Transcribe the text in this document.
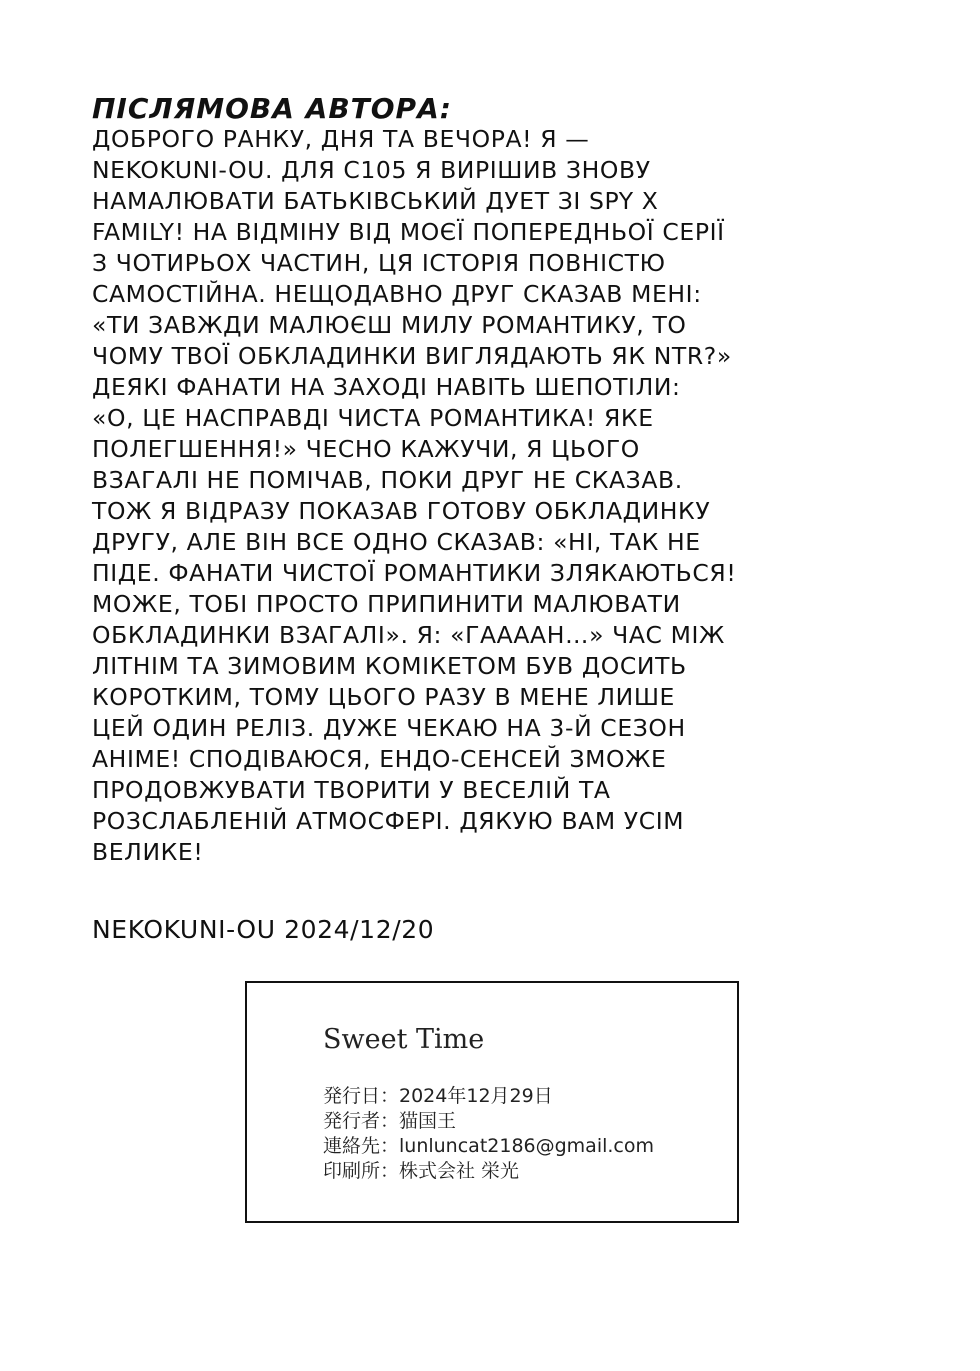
ПІСЛЯМОВА АВТОРА:

ДОБРОГО РАНКУ, ДНЯ ТА ВЕЧОРА! Я —

NEKOKUNI-OU. ДЛЯ C105 Я ВИРІШИВ ЗНОВУ

НАМАЛЮВАТИ БАТЬКІВСЬКИЙ ДУЕТ ЗІ SPY X

FAMILY! НА ВІДМІНУ ВІД МОЄЇ ПОПЕРЕДНЬОЇ СЕРІЇ

З ЧОТИРЬОХ ЧАСТИН, ЦЯ ІСТОРІЯ ПОВНІСТЮ

САМОСТІЙНА. НЕЩОДАВНО ДРУГ СКАЗАВ МЕНІ:

«ТИ ЗАВЖДИ МАЛЮЄШ МИЛУ РОМАНТИКУ, ТО

ЧОМУ ТВОЇ ОБКЛАДИНКИ ВИГЛЯДАЮТЬ ЯК NTR?»

ДЕЯКІ ФАНАТИ НА ЗАХОДІ НАВІТЬ ШЕПОТІЛИ:

«О, ЦЕ НАСПРАВДІ ЧИСТА РОМАНТИКА! ЯКЕ

ПОЛЕГШЕННЯ!» ЧЕСНО КАЖУЧИ, Я ЦЬОГО

ВЗАГАЛІ НЕ ПОМІЧАВ, ПОКИ ДРУГ НЕ СКАЗАВ.

ТОЖ Я ВІДРАЗУ ПОКАЗАВ ГОТОВУ ОБКЛАДИНКУ

ДРУГУ, АЛЕ ВІН ВСЕ ОДНО СКАЗАВ: «НІ, ТАК НЕ

ПІДЕ. ФАНАТИ ЧИСТОЇ РОМАНТИКИ ЗЛЯКАЮТЬСЯ!

МОЖЕ, ТОБІ ПРОСТО ПРИПИНИТИ МАЛЮВАТИ

ОБКЛАДИНКИ ВЗАГАЛІ». Я: «ГААААН…» ЧАС МІЖ

ЛІТНІМ ТА ЗИМОВИМ КОМІКЕТОМ БУВ ДОСИТЬ

КОРОТКИМ, ТОМУ ЦЬОГО РАЗУ В МЕНЕ ЛИШЕ

ЦЕЙ ОДИН РЕЛІЗ. ДУЖЕ ЧЕКАЮ НА 3-Й СЕЗОН

АНІМЕ! СПОДІВАЮСЯ, ЕНДО-СЕНСЕЙ ЗМОЖЕ

ПРОДОВЖУВАТИ ТВОРИТИ У ВЕСЕЛІЙ ТА

РОЗСЛАБЛЕНІЙ АТМОСФЕРІ. ДЯКУЮ ВАМ УСІМ

ВЕЛИКЕ!

NEKOKUNI-OU 2024/12/20
Sweet Time
発行日：2024年12月29日
発行者：猫国王
連絡先：lunluncat2186@gmail.com
印刷所：株式会社 栄光
